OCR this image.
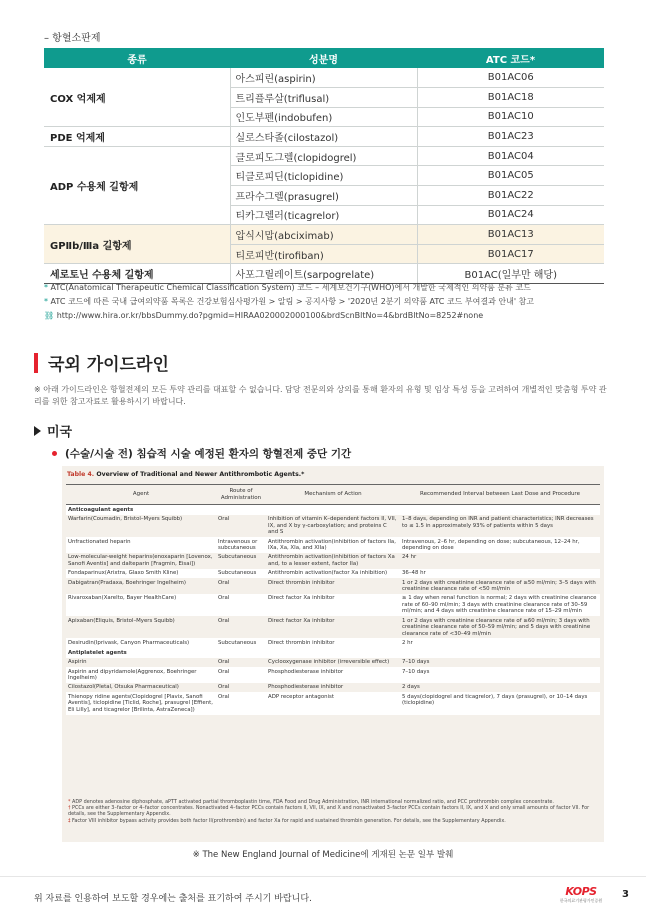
– 항혈소판제
종류	성분명	ATC 코드*
COX 억제제	아스피린(aspirin)	B01AC06
	트리플루살(triflusal)	B01AC18
	인도부펜(indobufen)	B01AC10
PDE 억제제	실로스타졸(cilostazol)	B01AC23
ADP 수용체 길항제	클로피도그렐(clopidogrel)	B01AC04
	티클로피딘(ticlopidine)	B01AC05
	프라수그렐(prasugrel)	B01AC22
	티카그렐러(ticagrelor)	B01AC24
GPⅡb/Ⅲa 길항제	압식시맙(abciximab)	B01AC13
	티로피반(tirofiban)	B01AC17
세로토닌 수용체 길항제	사포그릴레이트(sarpogrelate)	B01AC(일부만 해당)
* ATC(Anatomical Therapeutic Chemical Classification System) 코드 – 세계보건기구(WHO)에서 개발한 국제적인 의약품 분류 코드
* ATC 코드에 따른 국내 급여의약품 목록은 건강보험심사평가원 > 알림 > 공지사항 > '2020년 2분기 의약품 ATC 코드 부여결과 안내' 참고
⛓ http://www.hira.or.kr/bbsDummy.do?pgmid=HIRAA020002000100&brdScnBltNo=4&brdBltNo=8252#none
국외 가이드라인
※ 아래 가이드라인은 항혈전제의 모든 투약 관리를 대표할 수 없습니다. 담당 전문의와 상의를 통해 환자의 유형 및 임상 특성 등을 고려하여 개별적인 맞춤형 투약 관리를 위한 참고자료로 활용하시기 바랍니다.
미국
(수술/시술 전) 침습적 시술 예정된 환자의 항혈전제 중단 기간
Table 4. Overview of Traditional and Newer Antithrombotic Agents.*
Agent	Route of Administration	Mechanism of Action	Recommended Interval between Last Dose and Procedure
Anticoagulant agents			
Warfarin(Coumadin, Bristol–Myers Squibb)	Oral	Inhibition of vitamin K–dependent factors II, VII, IX, and X by γ-carboxylation; and proteins C and S	1–8 days, depending on INR and patient characteristics; INR decreases to ≤ 1.5 in approximately 93% of patients within 5 days
Unfractionated heparin	Intravenous or subcutaneous	Antithrombin activation(inhibition of factors IIa, IXa, Xa, XIa, and XIIa)	Intravenous, 2–6 hr, depending on dose; subcutaneous, 12–24 hr, depending on dose
Low-molecular-weight heparins(enoxaparin [Lovenox, Sanofi Aventis] and dalteparin [Fragmin, Eisai])	Subcutaneous	Antithrombin activation(inhibition of factors Xa and, to a lesser extent, factor IIa)	24 hr
Fondaparinux(Arixtra, Glaxo Smith Kline)	Subcutaneous	Antithrombin activation(factor Xa inhibition)	36–48 hr
Dabigatran(Pradaxa, Boehringer Ingelheim)	Oral	Direct thrombin inhibitor	1 or 2 days with creatinine clearance rate of ≥50 ml/min; 3–5 days with creatinine clearance rate of <50 ml/min
Rivaroxaban(Xarelto, Bayer HealthCare)	Oral	Direct factor Xa inhibitor	≥ 1 day when renal function is normal; 2 days with creatinine clearance rate of 60–90 ml/min; 3 days with creatinine clearance rate of 30–59 ml/min; and 4 days with creatinine clearance rate of 15–29 ml/min
Apixaban(Eliquis, Bristol–Myers Squibb)	Oral	Direct factor Xa inhibitor	1 or 2 days with creatinine clearance rate of ≥60 ml/min; 3 days with creatinine clearance rate of 50–59 ml/min; and 5 days with creatinine clearance rate of <30–49 ml/min
Desirudin(Iprivask, Canyon Pharmaceuticals)	Subcutaneous	Direct thrombin inhibitor	2 hr
Antiplatelet agents			
Aspirin	Oral	Cyclooxygenase inhibitor (irreversible effect)	7–10 days
Aspirin and dipyridamole(Aggrenox, Boehringer Ingelheim)	Oral	Phosphodiesterase inhibitor	7–10 days
Cilostazol(Pletal, Otsuka Pharmaceutical)	Oral	Phosphodiesterase inhibitor	2 days
Thienopy ridine agents(Clopidogrel [Plavix, Sanofi Aventis], ticlopidine [Ticlid, Roche], prasugrel [Effient, Eli Lilly], and ticagrelor [Brilinta, AstraZeneca])	Oral	ADP receptor antagonist	5 days(clopidogrel and ticagrelor), 7 days (prasugrel), or 10–14 days (ticlopidine)
* ADP denotes adenosine diphosphate, aPTT activated partial thromboplastin time, FDA Food and Drug Administration, INR international normalized ratio, and PCC prothrombin complex concentrate.
† PCCs are either 3–factor or 4–factor concentrates. Nonactivated 4–factor PCCs contain factors II, VII, IX, and X and nonactivated 3–factor PCCs contain factors II, IX, and X and only small amounts of factor VII. For details, see the Supplementary Appendix.
‡ Factor VIII inhibitor bypass activity provides both factor II(prothrombin) and factor Xa for rapid and sustained thrombin generation. For details, see the Supplementary Appendix.
※ The New England Journal of Medicine에 게재된 논문 일부 발췌
위 자료를 인용하여 보도할 경우에는 출처를 표기하여 주시기 바랍니다.
KOPS
한국의료기관평가인증원
3
